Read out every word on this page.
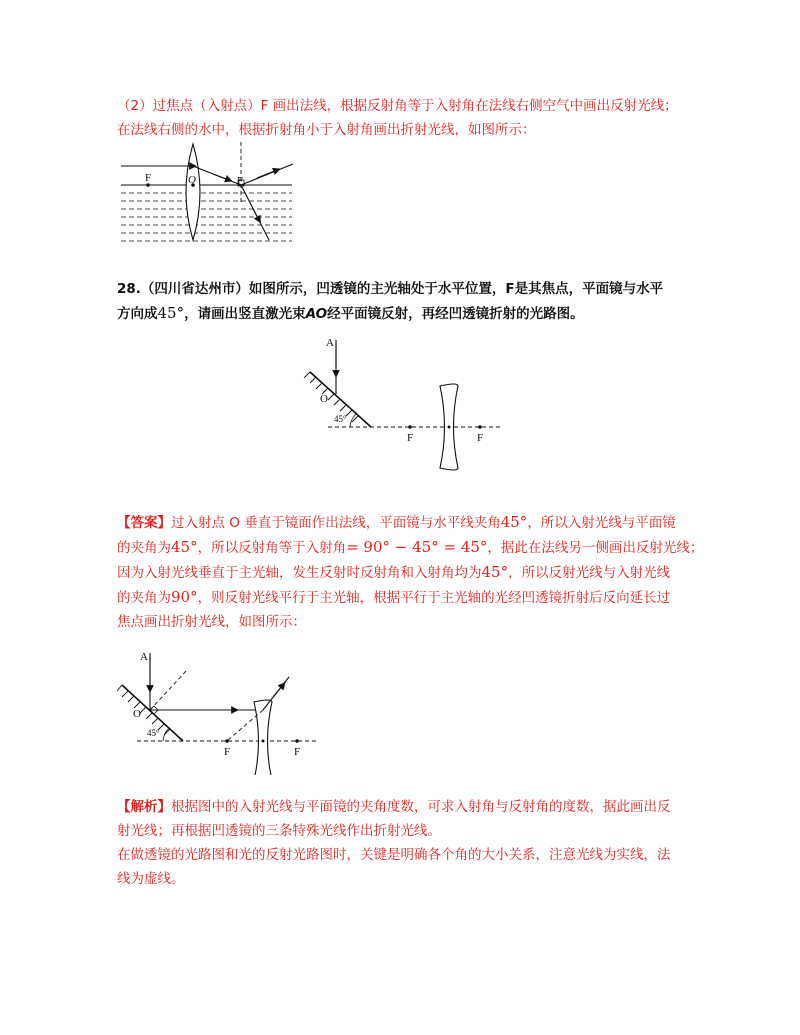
（2）过焦点（入射点）F 画出法线，根据反射角等于入射角在法线右侧空气中画出反射光线；
在法线右侧的水中，根据折射角小于入射角画出折射光线，如图所示：
F	O	F
28.（四川省达州市）如图所示，凹透镜的主光轴处于水平位置，F是其焦点，平面镜与水平
方向成45°，请画出竖直激光束AO经平面镜反射，再经凹透镜折射的光路图。
A
O
45°
F	F
【答案】过入射点 O 垂直于镜面作出法线，平面镜与水平线夹角45°，所以入射光线与平面镜
的夹角为45°，所以反射角等于入射角= 90° − 45° = 45°，据此在法线另一侧画出反射光线；
因为入射光线垂直于主光轴，发生反射时反射角和入射角均为45°，所以反射光线与入射光线
的夹角为90°，则反射光线平行于主光轴，根据平行于主光轴的光经凹透镜折射后反向延长过
焦点画出折射光线，如图所示：
A
O
45°
F	F
【解析】根据图中的入射光线与平面镜的夹角度数，可求入射角与反射角的度数，据此画出反
射光线；再根据凹透镜的三条特殊光线作出折射光线。
在做透镜的光路图和光的反射光路图时，关键是明确各个角的大小关系，注意光线为实线，法
线为虚线。
